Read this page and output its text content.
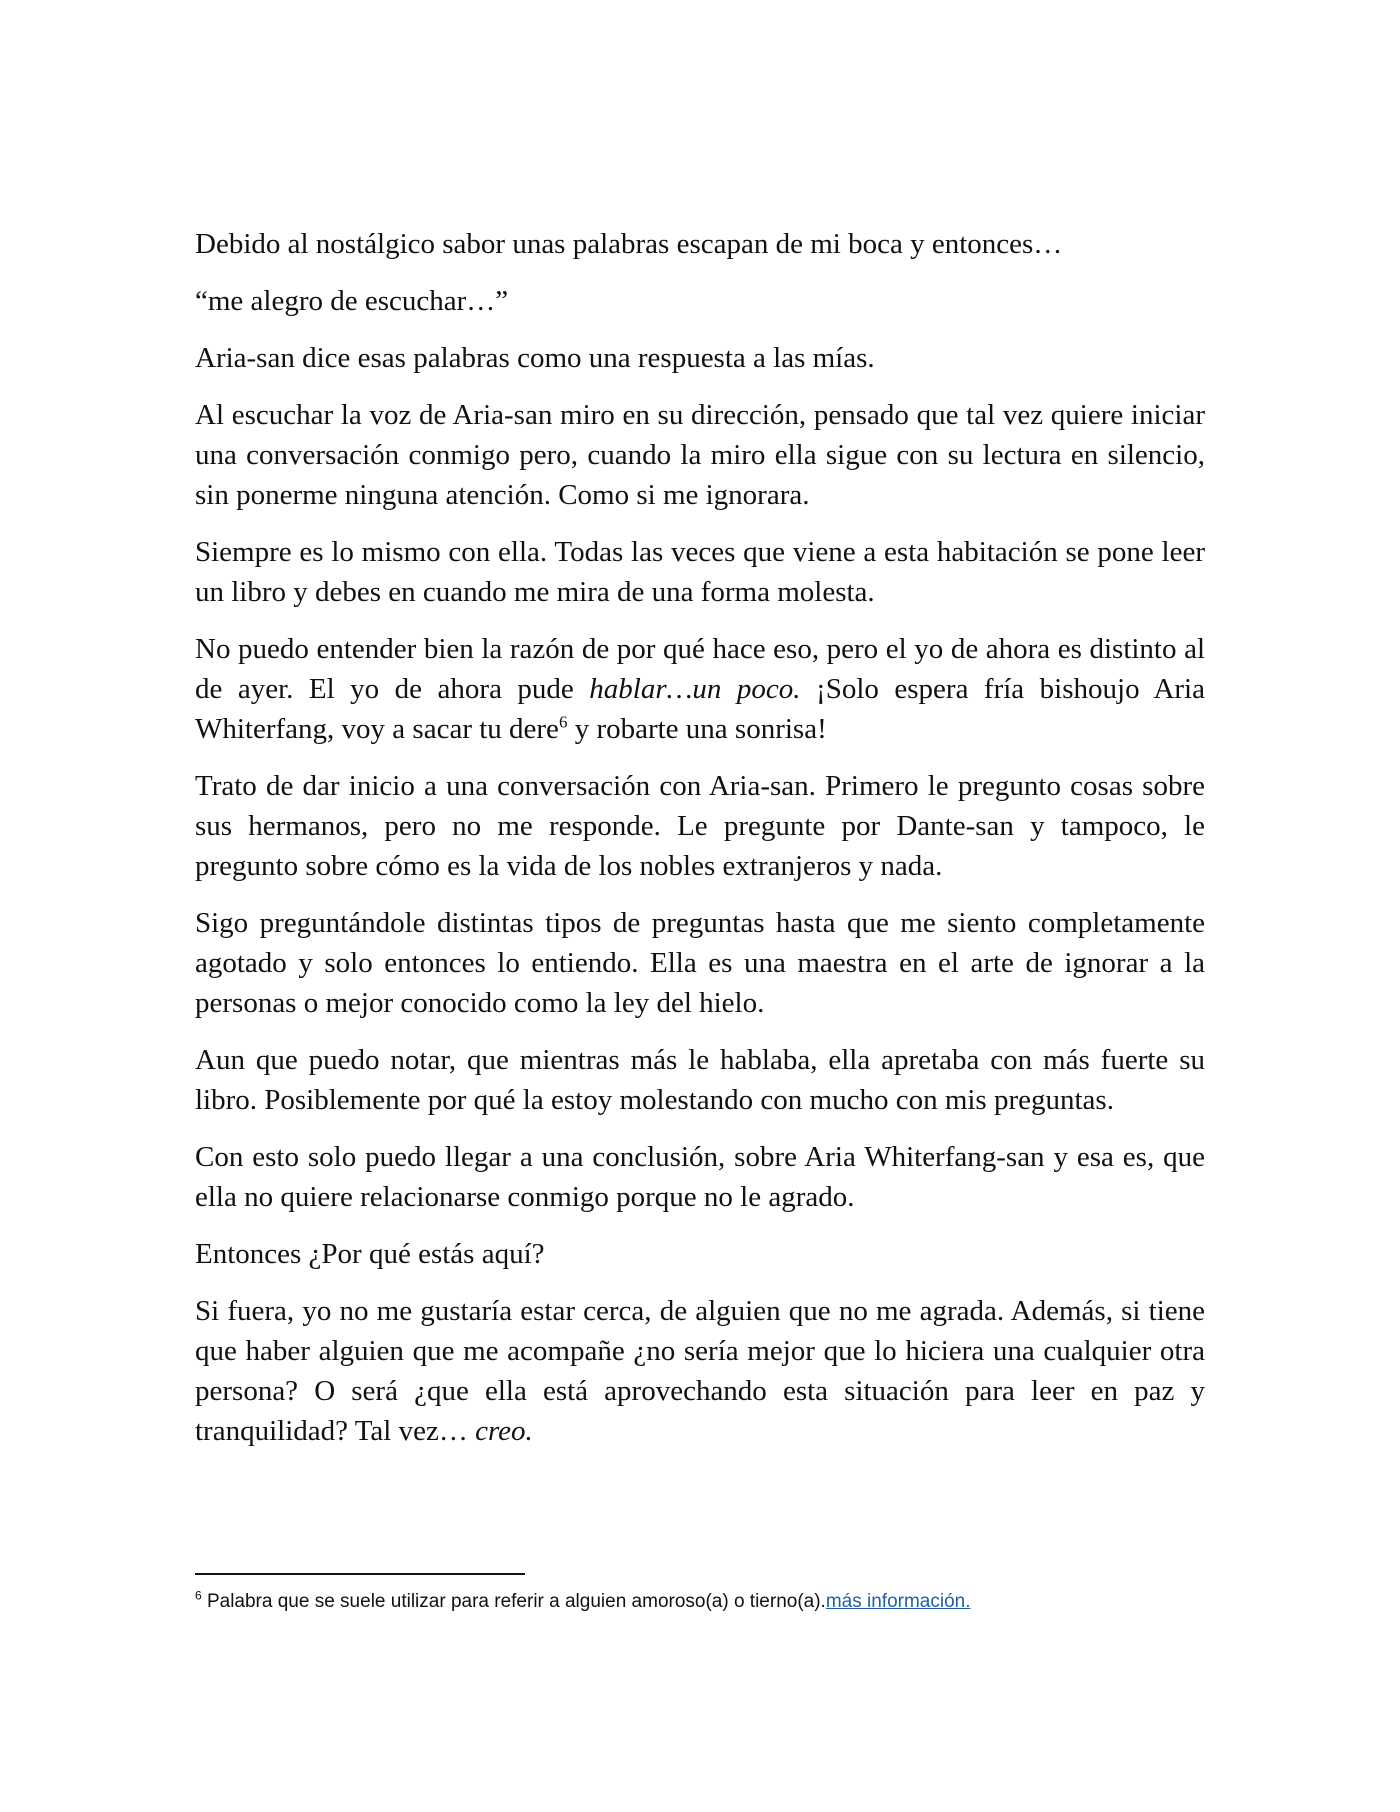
Debido al nostálgico sabor unas palabras escapan de mi boca y entonces…

“me alegro de escuchar…”

Aria-san dice esas palabras como una respuesta a las mías.

Al escuchar la voz de Aria-san miro en su dirección, pensado que tal vez quiere iniciar una conversación conmigo pero, cuando la miro ella sigue con su lectura en silencio, sin ponerme ninguna atención. Como si me ignorara.

Siempre es lo mismo con ella. Todas las veces que viene a esta habitación se pone leer un libro y debes en cuando me mira de una forma molesta.

No puedo entender bien la razón de por qué hace eso, pero el yo de ahora es distinto al de ayer. El yo de ahora pude hablar…un poco. ¡Solo espera fría bishoujo Aria Whiterfang, voy a sacar tu dere$^6$ y robarte una sonrisa!

Trato de dar inicio a una conversación con Aria-san. Primero le pregunto cosas sobre sus hermanos, pero no me responde. Le pregunte por Dante-san y tampoco, le pregunto sobre cómo es la vida de los nobles extranjeros y nada.

Sigo preguntándole distintas tipos de preguntas hasta que me siento completamente agotado y solo entonces lo entiendo. Ella es una maestra en el arte de ignorar a la personas o mejor conocido como la ley del hielo.

Aun que puedo notar, que mientras más le hablaba, ella apretaba con más fuerte su libro. Posiblemente por qué la estoy molestando con mucho con mis preguntas.

Con esto solo puedo llegar a una conclusión, sobre Aria Whiterfang-san y esa es, que ella no quiere relacionarse conmigo porque no le agrado.

Entonces ¿Por qué estás aquí?

Si fuera, yo no me gustaría estar cerca, de alguien que no me agrada. Además, si tiene que haber alguien que me acompañe ¿no sería mejor que lo hiciera una cualquier otra persona? O será ¿que ella está aprovechando esta situación para leer en paz y tranquilidad? Tal vez… creo.

$^6$ Palabra que se suele utilizar para referir a alguien amoroso(a) o tierno(a).más información.
